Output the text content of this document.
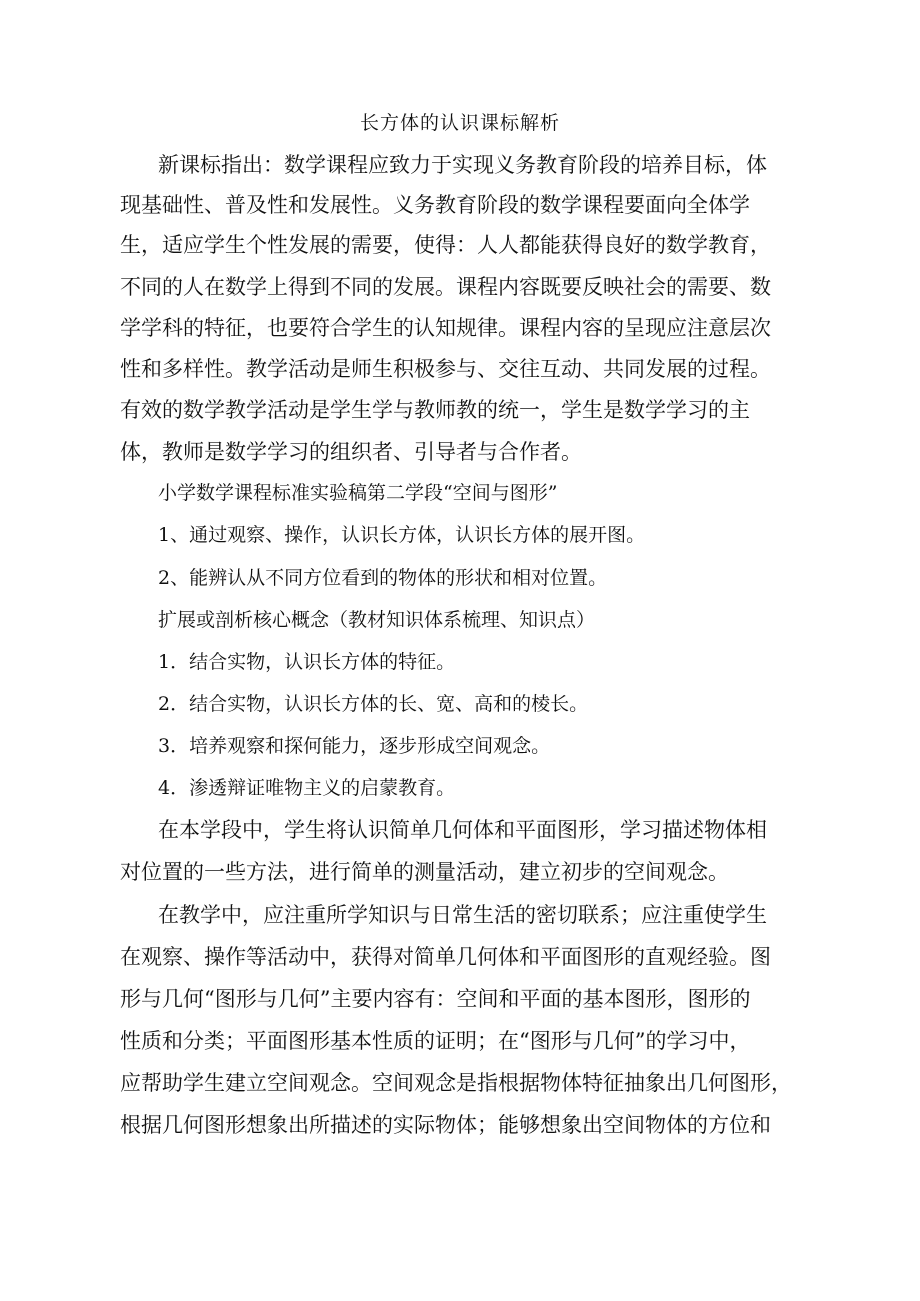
长方体的认识课标解析
新课标指出：数学课程应致力于实现义务教育阶段的培养目标，体
现基础性、普及性和发展性。义务教育阶段的数学课程要面向全体学
生，适应学生个性发展的需要，使得：人人都能获得良好的数学教育，
不同的人在数学上得到不同的发展。课程内容既要反映社会的需要、数
学学科的特征，也要符合学生的认知规律。课程内容的呈现应注意层次
性和多样性。教学活动是师生积极参与、交往互动、共同发展的过程。
有效的数学教学活动是学生学与教师教的统一，学生是数学学习的主
体，教师是数学学习的组织者、引导者与合作者。
小学数学课程标准实验稿第二学段“空间与图形”
1、通过观察、操作，认识长方体，认识长方体的展开图。
2、能辨认从不同方位看到的物体的形状和相对位置。
扩展或剖析核心概念（教材知识体系梳理、知识点）
1．结合实物，认识长方体的特征。
2．结合实物，认识长方体的长、宽、高和的棱长。
3．培养观察和探何能力，逐步形成空间观念。
4．渗透辩证唯物主义的启蒙教育。
在本学段中，学生将认识简单几何体和平面图形，学习描述物体相
对位置的一些方法，进行简单的测量活动，建立初步的空间观念。
在教学中，应注重所学知识与日常生活的密切联系；应注重使学生
在观察、操作等活动中，获得对简单几何体和平面图形的直观经验。图
形与几何“图形与几何”主要内容有：空间和平面的基本图形，图形的
性质和分类；平面图形基本性质的证明；在“图形与几何”的学习中，
应帮助学生建立空间观念。空间观念是指根据物体特征抽象出几何图形，
根据几何图形想象出所描述的实际物体；能够想象出空间物体的方位和
